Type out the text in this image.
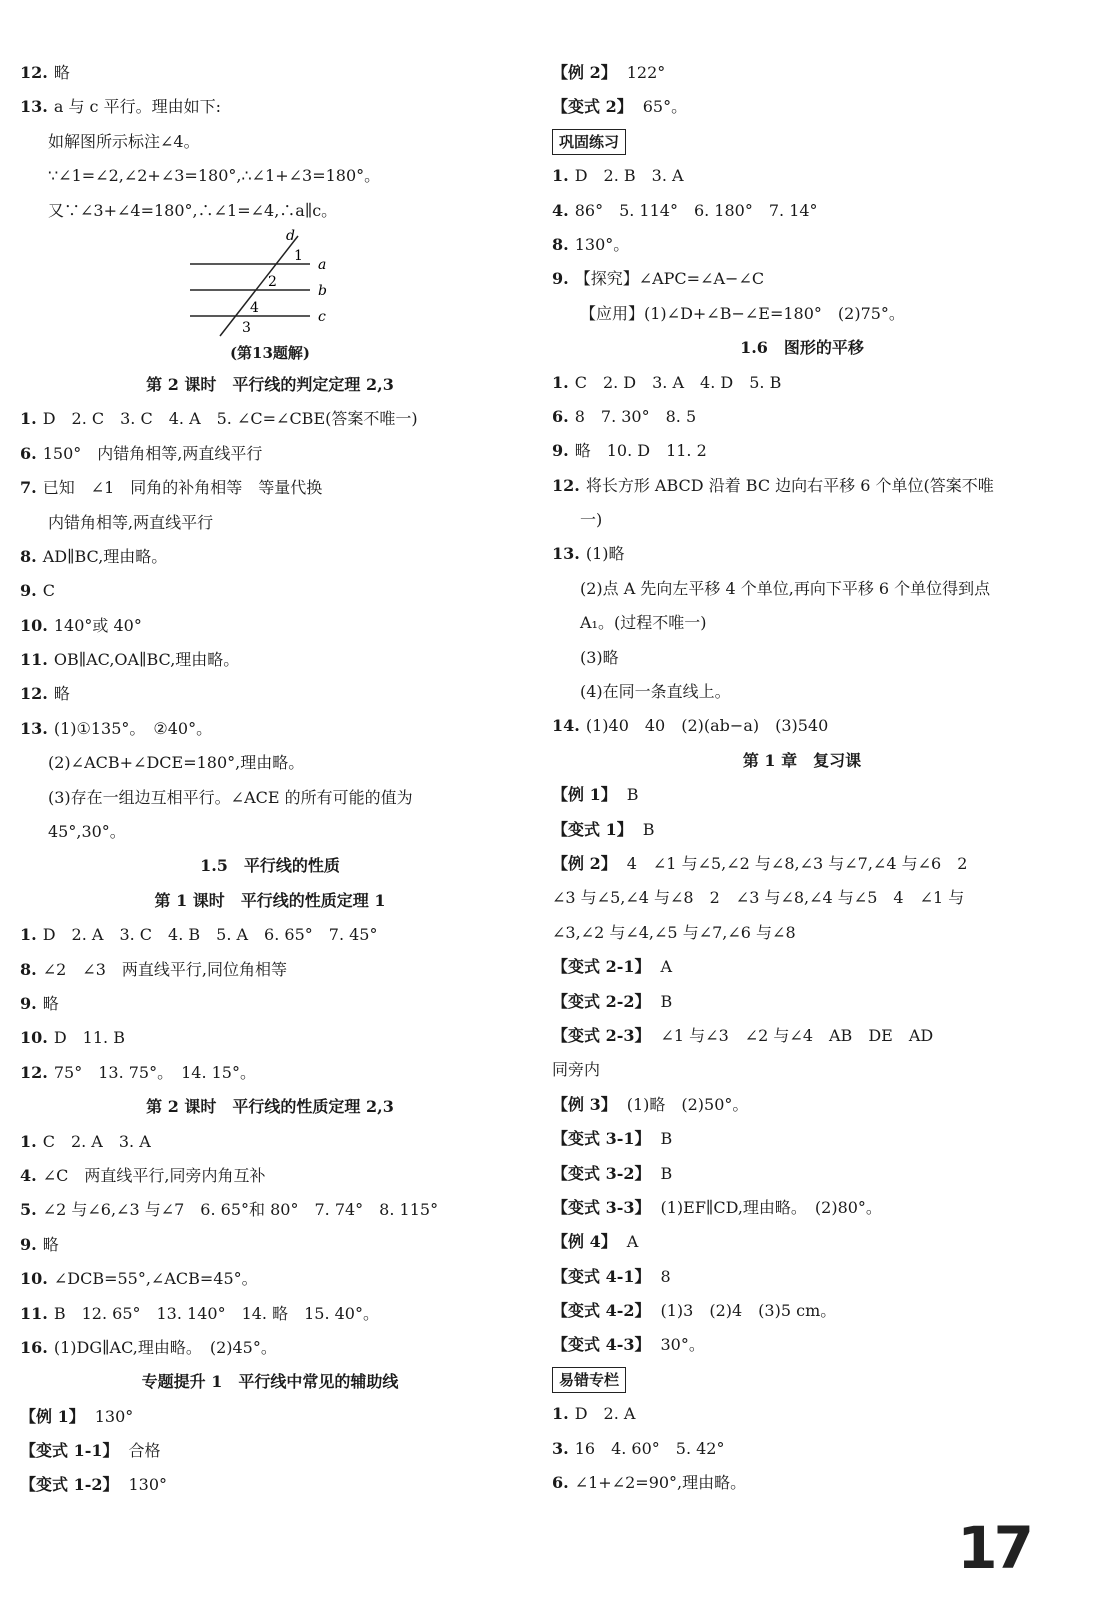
12. 略
13. a 与 c 平行。理由如下:
如解图所示标注∠4。
∵∠1=∠2,∠2+∠3=180°,∴∠1+∠3=180°。
又∵∠3+∠4=180°,∴∠1=∠4,∴a∥c。
d
a
b
c
1
2
3
4
(第13题解)
第 2 课时　平行线的判定定理 2,3
1. D　2. C　3. C　4. A　5. ∠C=∠CBE(答案不唯一)
6. 150°　内错角相等,两直线平行
7. 已知　∠1　同角的补角相等　等量代换
内错角相等,两直线平行
8. AD∥BC,理由略。
9. C
10. 140°或 40°
11. OB∥AC,OA∥BC,理由略。
12. 略
13. (1)①135°。　②40°。
(2)∠ACB+∠DCE=180°,理由略。
(3)存在一组边互相平行。∠ACE 的所有可能的值为
45°,30°。
1.5　平行线的性质
第 1 课时　平行线的性质定理 1
1. D　2. A　3. C　4. B　5. A　6. 65°　7. 45°
8. ∠2　∠3　两直线平行,同位角相等
9. 略
10. D　11. B
12. 75°　13. 75°。　14. 15°。
第 2 课时　平行线的性质定理 2,3
1. C　2. A　3. A
4. ∠C　两直线平行,同旁内角互补
5. ∠2 与∠6,∠3 与∠7　6. 65°和 80°　7. 74°　8. 115°
9. 略
10. ∠DCB=55°,∠ACB=45°。
11. B　12. 65°　13. 140°　14. 略　15. 40°。
16. (1)DG∥AC,理由略。　(2)45°。
专题提升 1　平行线中常见的辅助线
【例 1】 130°
【变式 1-1】 合格
【变式 1-2】 130°
【例 2】 122°
【变式 2】 65°。
巩固练习
1. D　2. B　3. A
4. 86°　5. 114°　6. 180°　7. 14°
8. 130°。
9. 【探究】∠APC=∠A−∠C
【应用】(1)∠D+∠B−∠E=180°　(2)75°。
1.6　图形的平移
1. C　2. D　3. A　4. D　5. B
6. 8　7. 30°　8. 5
9. 略　10. D　11. 2
12. 将长方形 ABCD 沿着 BC 边向右平移 6 个单位(答案不唯
一)
13. (1)略
(2)点 A 先向左平移 4 个单位,再向下平移 6 个单位得到点
A₁。(过程不唯一)
(3)略
(4)在同一条直线上。
14. (1)40　40　(2)(ab−a)　(3)540
第 1 章　复习课
【例 1】 B
【变式 1】 B
【例 2】 4　∠1 与∠5,∠2 与∠8,∠3 与∠7,∠4 与∠6　2
∠3 与∠5,∠4 与∠8　2　∠3 与∠8,∠4 与∠5　4　∠1 与
∠3,∠2 与∠4,∠5 与∠7,∠6 与∠8
【变式 2-1】 A
【变式 2-2】 B
【变式 2-3】 ∠1 与∠3　∠2 与∠4　AB　DE　AD
同旁内
【例 3】 (1)略　(2)50°。
【变式 3-1】 B
【变式 3-2】 B
【变式 3-3】 (1)EF∥CD,理由略。　(2)80°。
【例 4】 A
【变式 4-1】 8
【变式 4-2】 (1)3　(2)4　(3)5 cm。
【变式 4-3】 30°。
易错专栏
1. D　2. A
3. 16　4. 60°　5. 42°
6. ∠1+∠2=90°,理由略。
17
